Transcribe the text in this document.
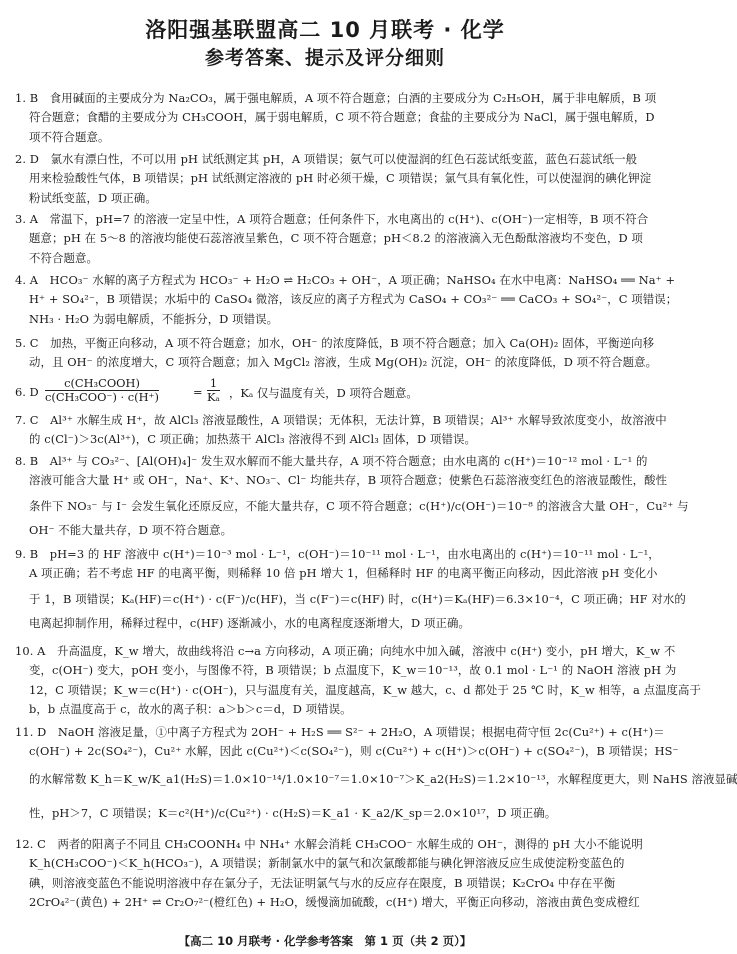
洛阳强基联盟高二 10 月联考 · 化学
参考答案、提示及评分细则

1. B　食用碱面的主要成分为 Na₂CO₃，属于强电解质，A 项不符合题意；白酒的主要成分为 C₂H₅OH，属于非电解质，B 项

符合题意；食醋的主要成分为 CH₃COOH，属于弱电解质，C 项不符合题意；食盐的主要成分为 NaCl，属于强电解质，D

项不符合题意。

2. D　氯水有漂白性，不可以用 pH 试纸测定其 pH，A 项错误；氨气可以使湿润的红色石蕊试纸变蓝，蓝色石蕊试纸一般

用来检验酸性气体，B 项错误；pH 试纸测定溶液的 pH 时必须干燥，C 项错误；氯气具有氧化性，可以使湿润的碘化钾淀

粉试纸变蓝，D 项正确。

3. A　常温下，pH=7 的溶液一定呈中性，A 项符合题意；任何条件下，水电离出的 c(H⁺)、c(OH⁻)一定相等，B 项不符合

题意；pH 在 5～8 的溶液均能使石蕊溶液呈紫色，C 项不符合题意；pH＜8.2 的溶液滴入无色酚酞溶液均不变色，D 项

不符合题意。

4. A　HCO₃⁻ 水解的离子方程式为 HCO₃⁻ + H₂O ⇌ H₂CO₃ + OH⁻，A 项正确；NaHSO₄ 在水中电离：NaHSO₄ ══ Na⁺ +

H⁺ + SO₄²⁻，B 项错误；水垢中的 CaSO₄ 微溶，该反应的离子方程式为 CaSO₄ + CO₃²⁻ ══ CaCO₃ + SO₄²⁻，C 项错误；

NH₃ · H₂O 为弱电解质，不能拆分，D 项错误。

5. C　加热，平衡正向移动，A 项不符合题意；加水，OH⁻ 的浓度降低，B 项不符合题意；加入 Ca(OH)₂ 固体，平衡逆向移

动，且 OH⁻ 的浓度增大，C 项符合题意；加入 MgCl₂ 溶液，生成 Mg(OH)₂ 沉淀，OH⁻ 的浓度降低，D 项不符合题意。

6. D
c(CH₃COOH)
c(CH₃COO⁻) · c(H⁺)	= $\frac{1}{\text{Kₐ}}$ ，Kₐ 仅与温度有关，D 项符合题意。

7. C　Al³⁺ 水解生成 H⁺，故 AlCl₃ 溶液显酸性，A 项错误；无体积，无法计算，B 项错误；Al³⁺ 水解导致浓度变小，故溶液中

的 c(Cl⁻)＞3c(Al³⁺)，C 项正确；加热蒸干 AlCl₃ 溶液得不到 AlCl₃ 固体，D 项错误。

8. B　Al³⁺ 与 CO₃²⁻、[Al(OH)₄]⁻ 发生双水解而不能大量共存，A 项不符合题意；由水电离的 c(H⁺)＝10⁻¹² mol · L⁻¹ 的

溶液可能含大量 H⁺ 或 OH⁻，Na⁺、K⁺、NO₃⁻、Cl⁻ 均能共存，B 项符合题意；使紫色石蕊溶液变红色的溶液显酸性，酸性

条件下 NO₃⁻ 与 I⁻ 会发生氧化还原反应，不能大量共存，C 项不符合题意；c(H⁺)/c(OH⁻)＝10⁻⁸ 的溶液含大量 OH⁻，Cu²⁺ 与

OH⁻ 不能大量共存，D 项不符合题意。

9. B　pH=3 的 HF 溶液中 c(H⁺)＝10⁻³ mol · L⁻¹，c(OH⁻)＝10⁻¹¹ mol · L⁻¹，由水电离出的 c(H⁺)＝10⁻¹¹ mol · L⁻¹，

A 项正确；若不考虑 HF 的电离平衡，则稀释 10 倍 pH 增大 1，但稀释时 HF 的电离平衡正向移动，因此溶液 pH 变化小

于 1，B 项错误；Kₐ(HF)＝c(H⁺) · c(F⁻)/c(HF)，当 c(F⁻)＝c(HF) 时，c(H⁺)＝Kₐ(HF)＝6.3×10⁻⁴，C 项正确；HF 对水的

电离起抑制作用，稀释过程中，c(HF) 逐渐减小，水的电离程度逐渐增大，D 项正确。

10. A　升高温度，K_w 增大，故曲线将沿 c→a 方向移动，A 项正确；向纯水中加入碱，溶液中 c(H⁺) 变小，pH 增大，K_w 不

变，c(OH⁻) 变大，pOH 变小，与图像不符，B 项错误；b 点温度下，K_w＝10⁻¹³，故 0.1 mol · L⁻¹ 的 NaOH 溶液 pH 为

12，C 项错误；K_w＝c(H⁺) · c(OH⁻)，只与温度有关，温度越高，K_w 越大，c、d 都处于 25 ℃ 时，K_w 相等，a 点温度高于

b，b 点温度高于 c，故水的离子积：a＞b＞c＝d，D 项错误。

11. D　NaOH 溶液足量，①中离子方程式为 2OH⁻ + H₂S ══ S²⁻ + 2H₂O，A 项错误；根据电荷守恒 2c(Cu²⁺) + c(H⁺)＝

c(OH⁻) + 2c(SO₄²⁻)，Cu²⁺ 水解，因此 c(Cu²⁺)＜c(SO₄²⁻)，则 c(Cu²⁺) + c(H⁺)＞c(OH⁻) + c(SO₄²⁻)，B 项错误；HS⁻

的水解常数 K_h＝K_w/K_a1(H₂S)＝1.0×10⁻¹⁴/1.0×10⁻⁷＝1.0×10⁻⁷＞K_a2(H₂S)＝1.2×10⁻¹³，水解程度更大，则 NaHS 溶液显碱

性，pH＞7，C 项错误；K＝c²(H⁺)/c(Cu²⁺) · c(H₂S)＝K_a1 · K_a2/K_sp＝2.0×10¹⁷，D 项正确。

12. C　两者的阳离子不同且 CH₃COONH₄ 中 NH₄⁺ 水解会消耗 CH₃COO⁻ 水解生成的 OH⁻，测得的 pH 大小不能说明

K_h(CH₃COO⁻)＜K_h(HCO₃⁻)，A 项错误；新制氯水中的氯气和次氯酸都能与碘化钾溶液反应生成使淀粉变蓝色的

碘，则溶液变蓝色不能说明溶液中存在氯分子，无法证明氯气与水的反应存在限度，B 项错误；K₂CrO₄ 中存在平衡

2CrO₄²⁻(黄色) + 2H⁺ ⇌ Cr₂O₇²⁻(橙红色) + H₂O，缓慢滴加硫酸，c(H⁺) 增大，平衡正向移动，溶液由黄色变成橙红

【高二 10 月联考 · 化学参考答案　第 1 页（共 2 页）】
